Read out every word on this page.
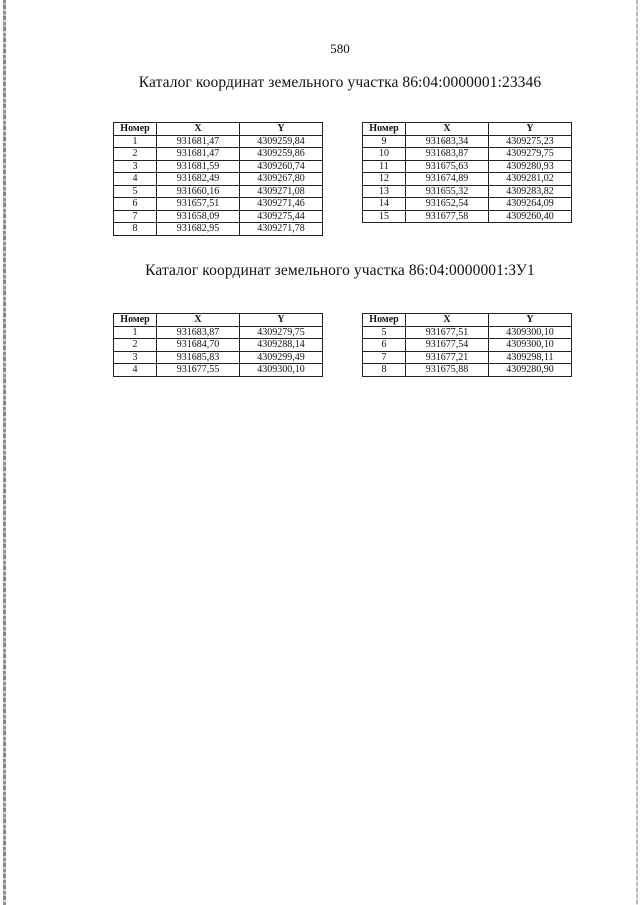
580
Каталог координат земельного участка 86:04:0000001:23346
Номер	X	Y
1	931681,47	4309259,84
2	931681,47	4309259,86
3	931681,59	4309260,74
4	931682,49	4309267,80
5	931660,16	4309271,08
6	931657,51	4309271,46
7	931658,09	4309275,44
8	931682,95	4309271,78
Номер	X	Y
9	931683,34	4309275,23
10	931683,87	4309279,75
11	931675,63	4309280,93
12	931674,89	4309281,02
13	931655,32	4309283,82
14	931652,54	4309264,09
15	931677,58	4309260,40
Каталог координат земельного участка 86:04:0000001:ЗУ1
Номер	X	Y
1	931683,87	4309279,75
2	931684,70	4309288,14
3	931685,83	4309299,49
4	931677,55	4309300,10
Номер	X	Y
5	931677,51	4309300,10
6	931677,54	4309300,10
7	931677,21	4309298,11
8	931675,88	4309280,90
